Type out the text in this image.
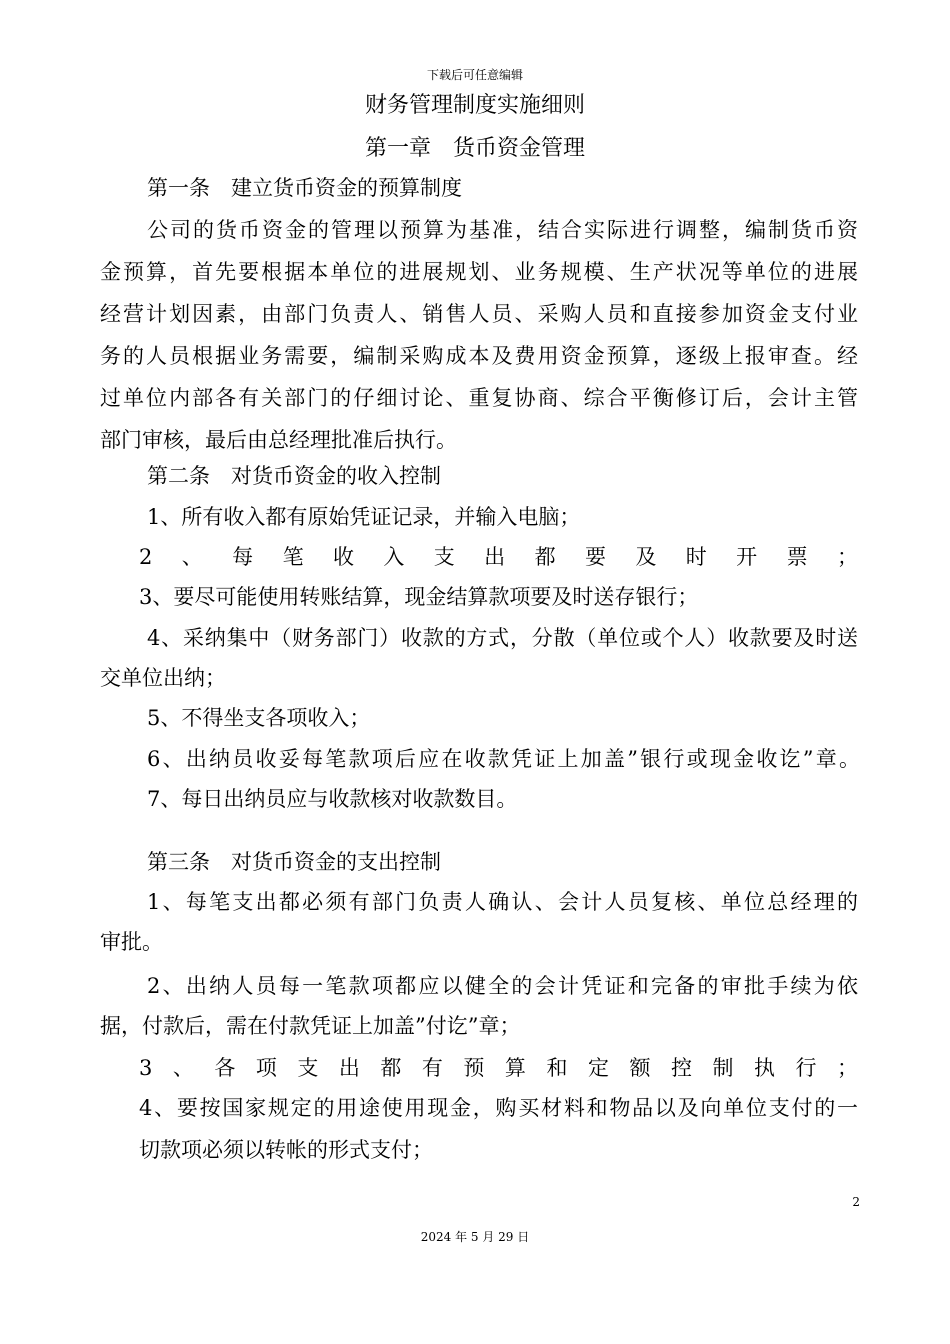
下载后可任意编辑
财务管理制度实施细则
第一章　货币资金管理
第一条　建立货币资金的预算制度
公司的货币资金的管理以预算为基准，结合实际进行调整，编制货币资
金预算，首先要根据本单位的进展规划、业务规模、生产状况等单位的进展
经营计划因素，由部门负责人、销售人员、采购人员和直接参加资金支付业
务的人员根据业务需要，编制采购成本及费用资金预算，逐级上报审查。经
过单位内部各有关部门的仔细讨论、重复协商、综合平衡修订后，会计主管
部门审核，最后由总经理批准后执行。
第二条　对货币资金的收入控制
1、所有收入都有原始凭证记录，并输入电脑；
2、每笔收入支出都要及时开票；
3、要尽可能使用转账结算，现金结算款项要及时送存银行；
4、采纳集中（财务部门）收款的方式，分散（单位或个人）收款要及时送
交单位出纳；
5、不得坐支各项收入；
6、出纳员收妥每笔款项后应在收款凭证上加盖”银行或现金收讫”章。
7、每日出纳员应与收款核对收款数目。
第三条　对货币资金的支出控制
1、每笔支出都必须有部门负责人确认、会计人员复核、单位总经理的
审批。
2、出纳人员每一笔款项都应以健全的会计凭证和完备的审批手续为依
据，付款后，需在付款凭证上加盖”付讫”章；
3、各项支出都有预算和定额控制执行；
4、要按国家规定的用途使用现金，购买材料和物品以及向单位支付的一
切款项必须以转帐的形式支付；
2
2024 年 5 月 29 日
